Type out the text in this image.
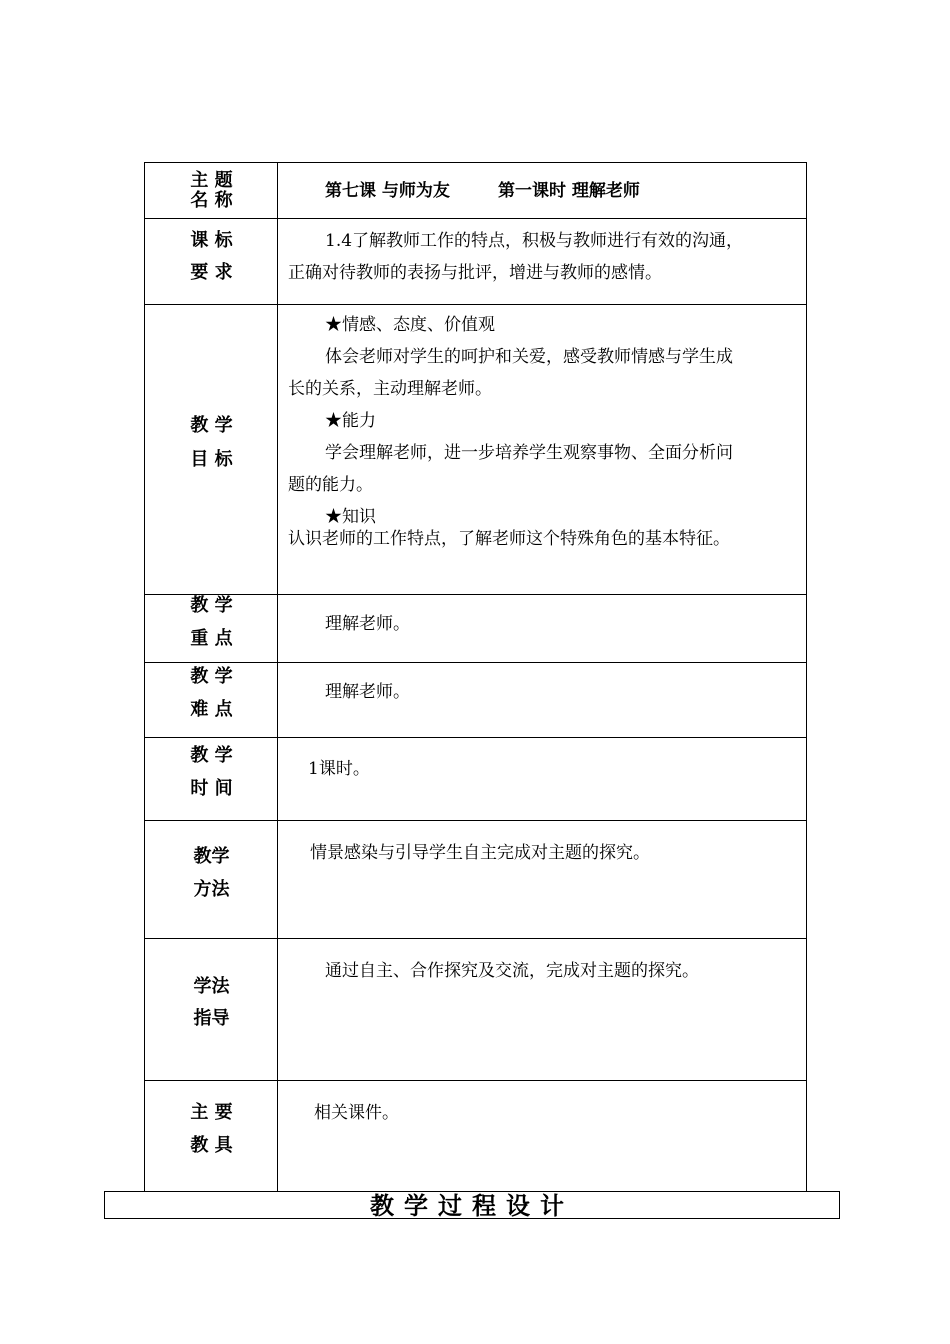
主 题
名 称	第七课 与师为友	第一课时 理解老师
课 标
要 求
1.4了解教师工作的特点，积极与教师进行有效的沟通，
正确对待教师的表扬与批评，增进与教师的感情。
教 学
目 标
★情感、态度、价值观
体会老师对学生的呵护和关爱，感受教师情感与学生成
长的关系，主动理解老师。
★能力
学会理解老师，进一步培养学生观察事物、全面分析问
题的能力。
★知识
认识老师的工作特点，了解老师这个特殊角色的基本特征。
教 学
重 点
理解老师。
教 学
难 点
理解老师。
教 学
时 间
1课时。
教学
方法
情景感染与引导学生自主完成对主题的探究。
学法
指导
通过自主、合作探究及交流，完成对主题的探究。
主 要
教 具
相关课件。
教学过程设计
